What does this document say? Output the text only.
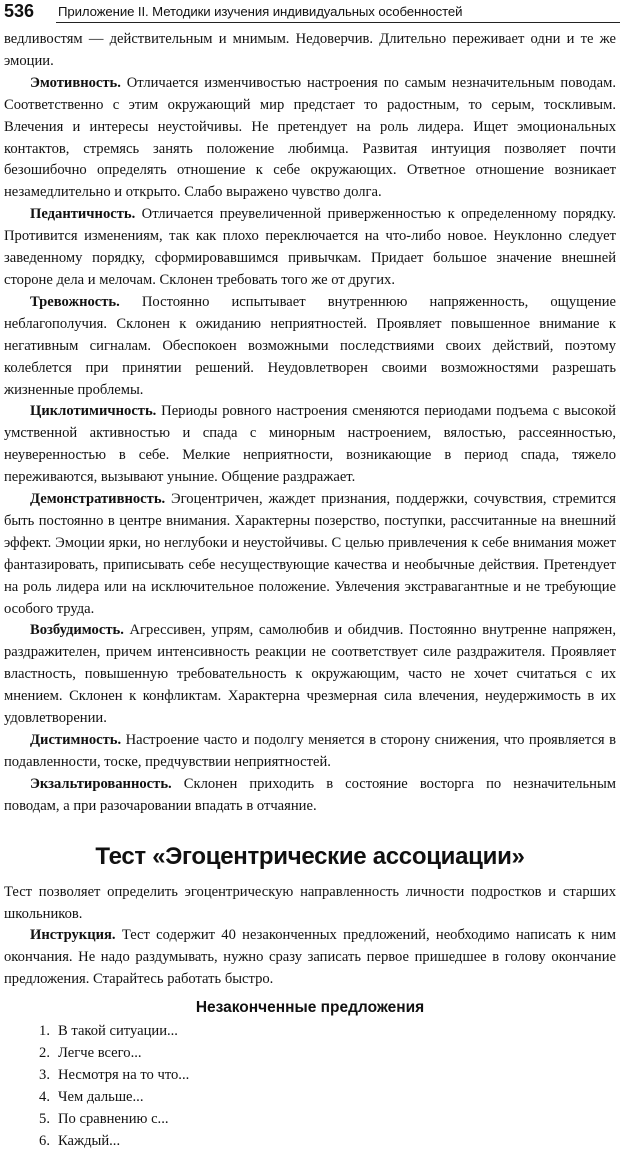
536 Приложение II. Методики изучения индивидуальных особенностей

ведливостям — действительным и мнимым. Недоверчив. Длительно переживает одни и те же эмоции.

Эмотивность. Отличается изменчивостью настроения по самым незначительным поводам. Соответственно с этим окружающий мир предстает то радостным, то серым, тоскливым. Влечения и интересы неустойчивы. Не претендует на роль лидера. Ищет эмоциональных контактов, стремясь занять положение любимца. Развитая интуиция позволяет почти безошибочно определять отношение к себе окружающих. Ответное отношение возникает незамедлительно и открыто. Слабо выражено чувство долга.

Педантичность. Отличается преувеличенной приверженностью к определенному порядку. Противится изменениям, так как плохо переключается на что-либо новое. Неуклонно следует заведенному порядку, сформировавшимся привычкам. Придает большое значение внешней стороне дела и мелочам. Склонен требовать того же от других.

Тревожность. Постоянно испытывает внутреннюю напряженность, ощущение неблагополучия. Склонен к ожиданию неприятностей. Проявляет повышенное внимание к негативным сигналам. Обеспокоен возможными последствиями своих действий, поэтому колеблется при принятии решений. Неудовлетворен своими возможностями разрешать жизненные проблемы.

Циклотимичность. Периоды ровного настроения сменяются периодами подъема с высокой умственной активностью и спада с минорным настроением, вялостью, рассеянностью, неуверенностью в себе. Мелкие неприятности, возникающие в период спада, тяжело переживаются, вызывают уныние. Общение раздражает.

Демонстративность. Эгоцентричен, жаждет признания, поддержки, сочувствия, стремится быть постоянно в центре внимания. Характерны позерство, поступки, рассчитанные на внешний эффект. Эмоции ярки, но неглубоки и неустойчивы. С целью привлечения к себе внимания может фантазировать, приписывать себе несуществующие качества и необычные действия. Претендует на роль лидера или на исключительное положение. Увлечения экстравагантные и не требующие особого труда.

Возбудимость. Агрессивен, упрям, самолюбив и обидчив. Постоянно внутренне напряжен, раздражителен, причем интенсивность реакции не соответствует силе раздражителя. Проявляет властность, повышенную требовательность к окружающим, часто не хочет считаться с их мнением. Склонен к конфликтам. Характерна чрезмерная сила влечения, неудержимость в их удовлетворении.

Дистимность. Настроение часто и подолгу меняется в сторону снижения, что проявляется в подавленности, тоске, предчувствии неприятностей.

Экзальтированность. Склонен приходить в состояние восторга по незначительным поводам, а при разочаровании впадать в отчаяние.

Тест «Эгоцентрические ассоциации»

Тест позволяет определить эгоцентрическую направленность личности подростков и старших школьников.

Инструкция. Тест содержит 40 незаконченных предложений, необходимо написать к ним окончания. Не надо раздумывать, нужно сразу записать первое пришедшее в голову окончание предложения. Старайтесь работать быстро.

Незаконченные предложения
1. В такой ситуации...
2. Легче всего...
3. Несмотря на то что...
4. Чем дальше...
5. По сравнению с...
6. Каждый...
